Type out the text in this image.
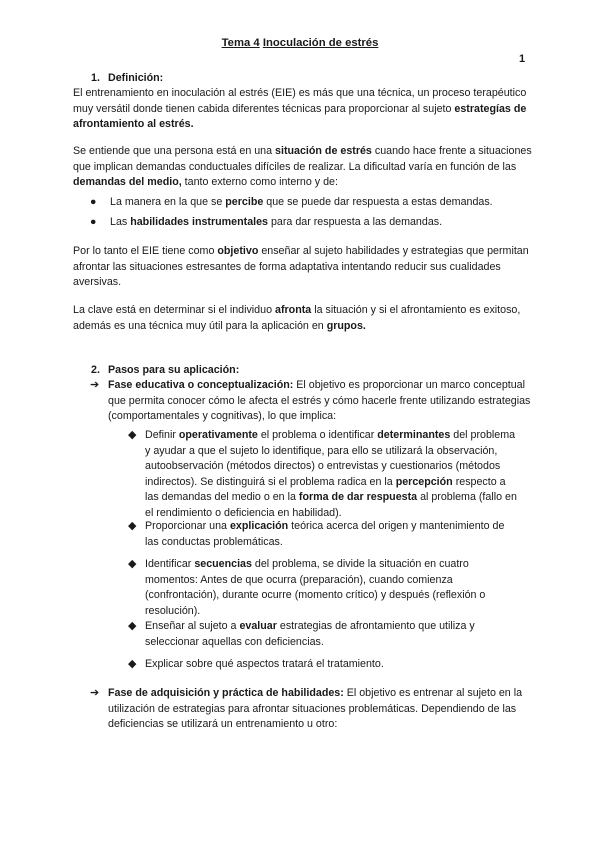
Tema 4 Inoculación de estrés
1
1. Definición:

El entrenamiento en inoculación al estrés (EIE) es más que una técnica, un proceso terapéutico muy versátil donde tienen cabida diferentes técnicas para proporcionar al sujeto estrategías de afrontamiento al estrés.

Se entiende que una persona está en una situación de estrés cuando hace frente a situaciones que implican demandas conductuales difíciles de realizar. La dificultad varía en función de las demandas del medio, tanto externo como interno y de:

● La manera en la que se percibe que se puede dar respuesta a estas demandas.
● Las habilidades instrumentales para dar respuesta a las demandas.

Por lo tanto el EIE tiene como objetivo enseñar al sujeto habilidades y estrategias que permitan afrontar las situaciones estresantes de forma adaptativa intentando reducir sus cualidades aversivas.

La clave está en determinar si el individuo afronta la situación y si el afrontamiento es exitoso, además es una técnica muy útil para la aplicación en grupos.

2. Pasos para su aplicación:
➔ Fase educativa o conceptualización: El objetivo es proporcionar un marco conceptual que permita conocer cómo le afecta el estrés y cómo hacerle frente utilizando estrategias (comportamentales y cognitivas), lo que implica:
◆ Definir operativamente el problema o identificar determinantes del problema y ayudar a que el sujeto lo identifique, para ello se utilizará la observación, autoobservación (métodos directos) o entrevistas y cuestionarios (métodos indirectos). Se distinguirá si el problema radica en la percepción respecto a las demandas del medio o en la forma de dar respuesta al problema (fallo en el rendimiento o deficiencia en habilidad).
◆ Proporcionar una explicación teórica acerca del origen y mantenimiento de las conductas problemáticas.
◆ Identificar secuencias del problema, se divide la situación en cuatro momentos: Antes de que ocurra (preparación), cuando comienza (confrontación), durante ocurre (momento crítico) y después (reflexión o resolución).
◆ Enseñar al sujeto a evaluar estrategias de afrontamiento que utiliza y seleccionar aquellas con deficiencias.
◆ Explicar sobre qué aspectos tratará el tratamiento.
➔ Fase de adquisición y práctica de habilidades: El objetivo es entrenar al sujeto en la utilización de estrategias para afrontar situaciones problemáticas. Dependiendo de las deficiencias se utilizará un entrenamiento u otro:
